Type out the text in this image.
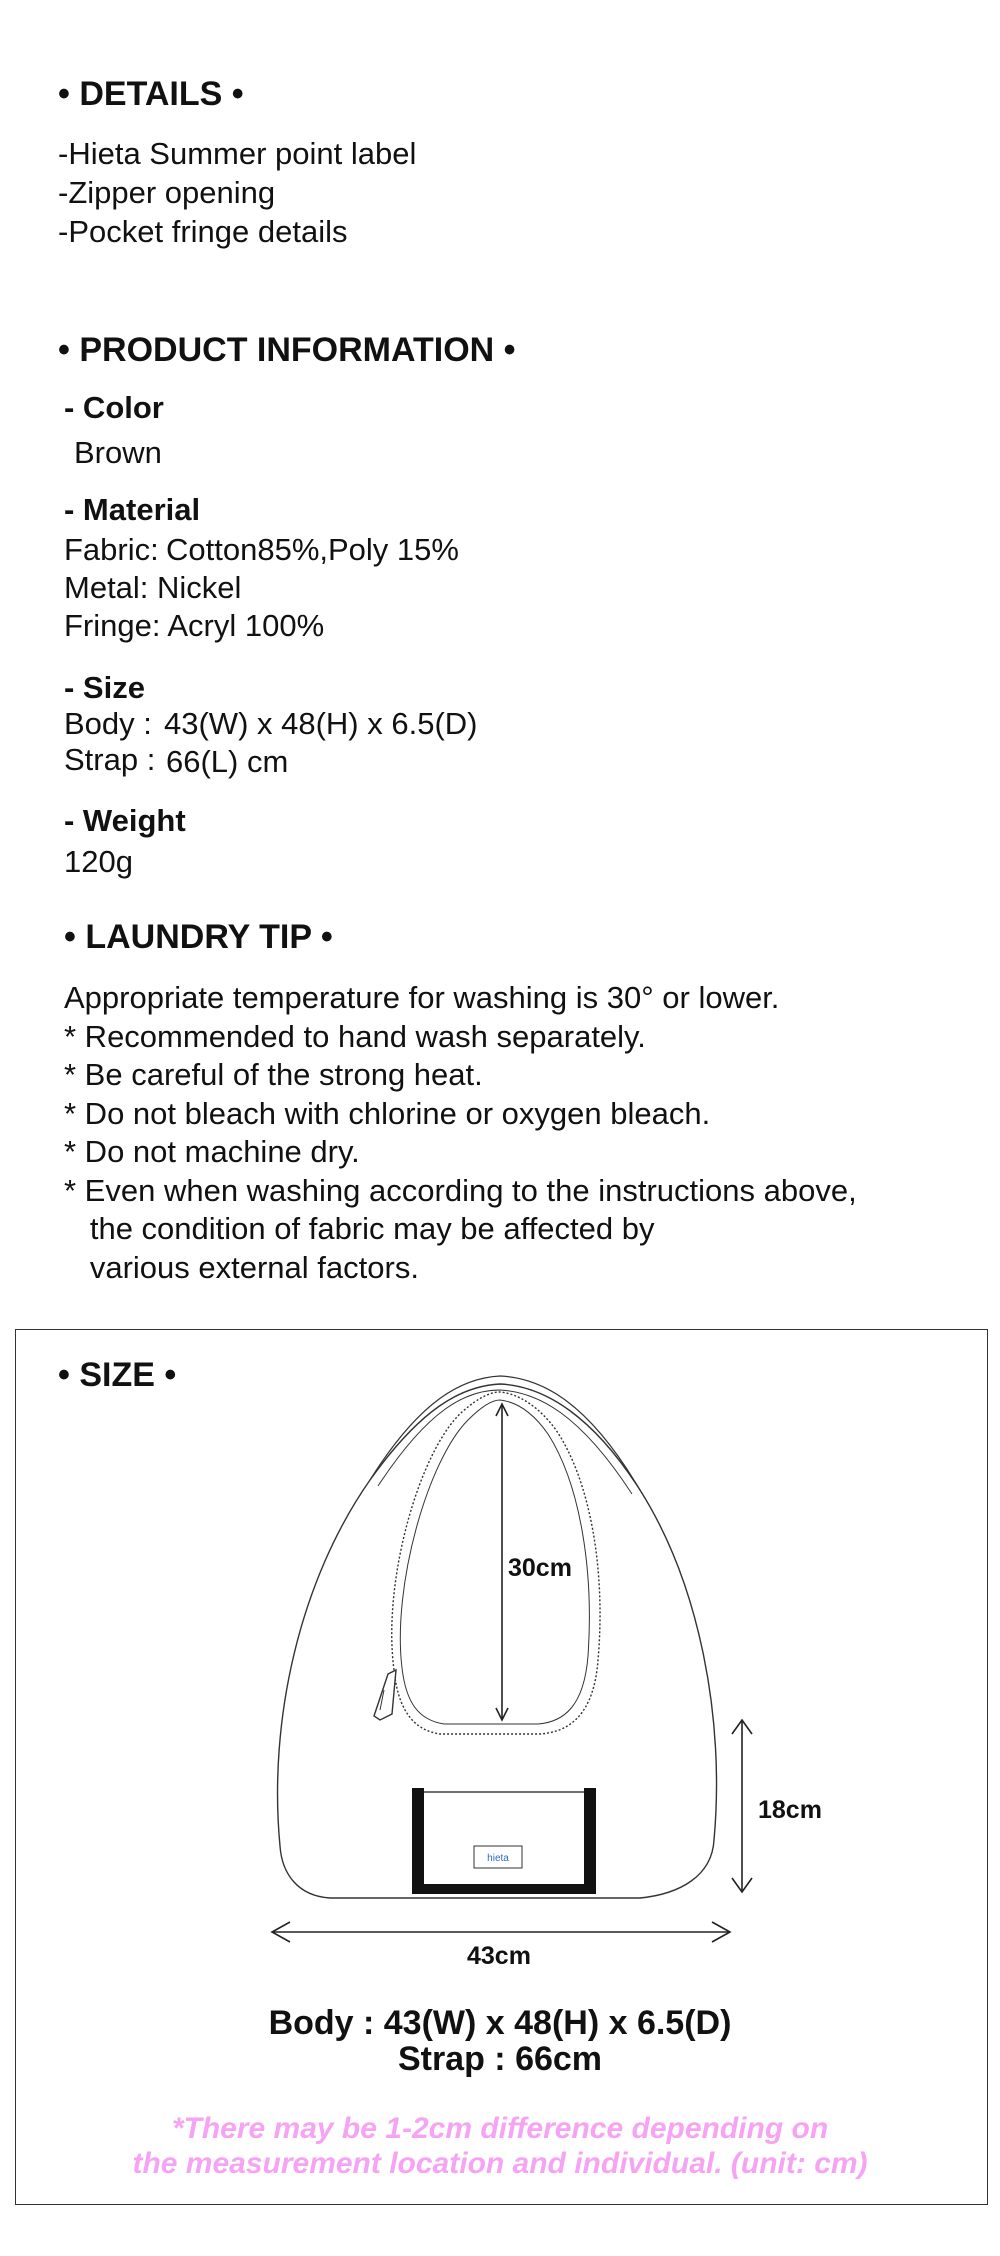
• DETAILS •
-Hieta Summer point label
-Zipper opening
-Pocket fringe details
• PRODUCT INFORMATION •
- Color
Brown
- Material
Fabric: Cotton85%,Poly 15%
Metal: Nickel
Fringe: Acryl 100%
- Size
Body : 43(W) x 48(H) x 6.5(D)
Strap : 66(L) cm
- Weight
120g
• LAUNDRY TIP •
Appropriate temperature for washing is 30° or lower.
* Recommended to hand wash separately.
* Be careful of the strong heat.
* Do not bleach with chlorine or oxygen bleach.
* Do not machine dry.
* Even when washing according to the instructions above,
the condition of fabric may be affected by
various external factors.
• SIZE •
hieta
30cm
18cm
43cm
Body : 43(W) x 48(H) x 6.5(D)
Strap : 66cm
*There may be 1-2cm difference depending on
the measurement location and individual. (unit: cm)
